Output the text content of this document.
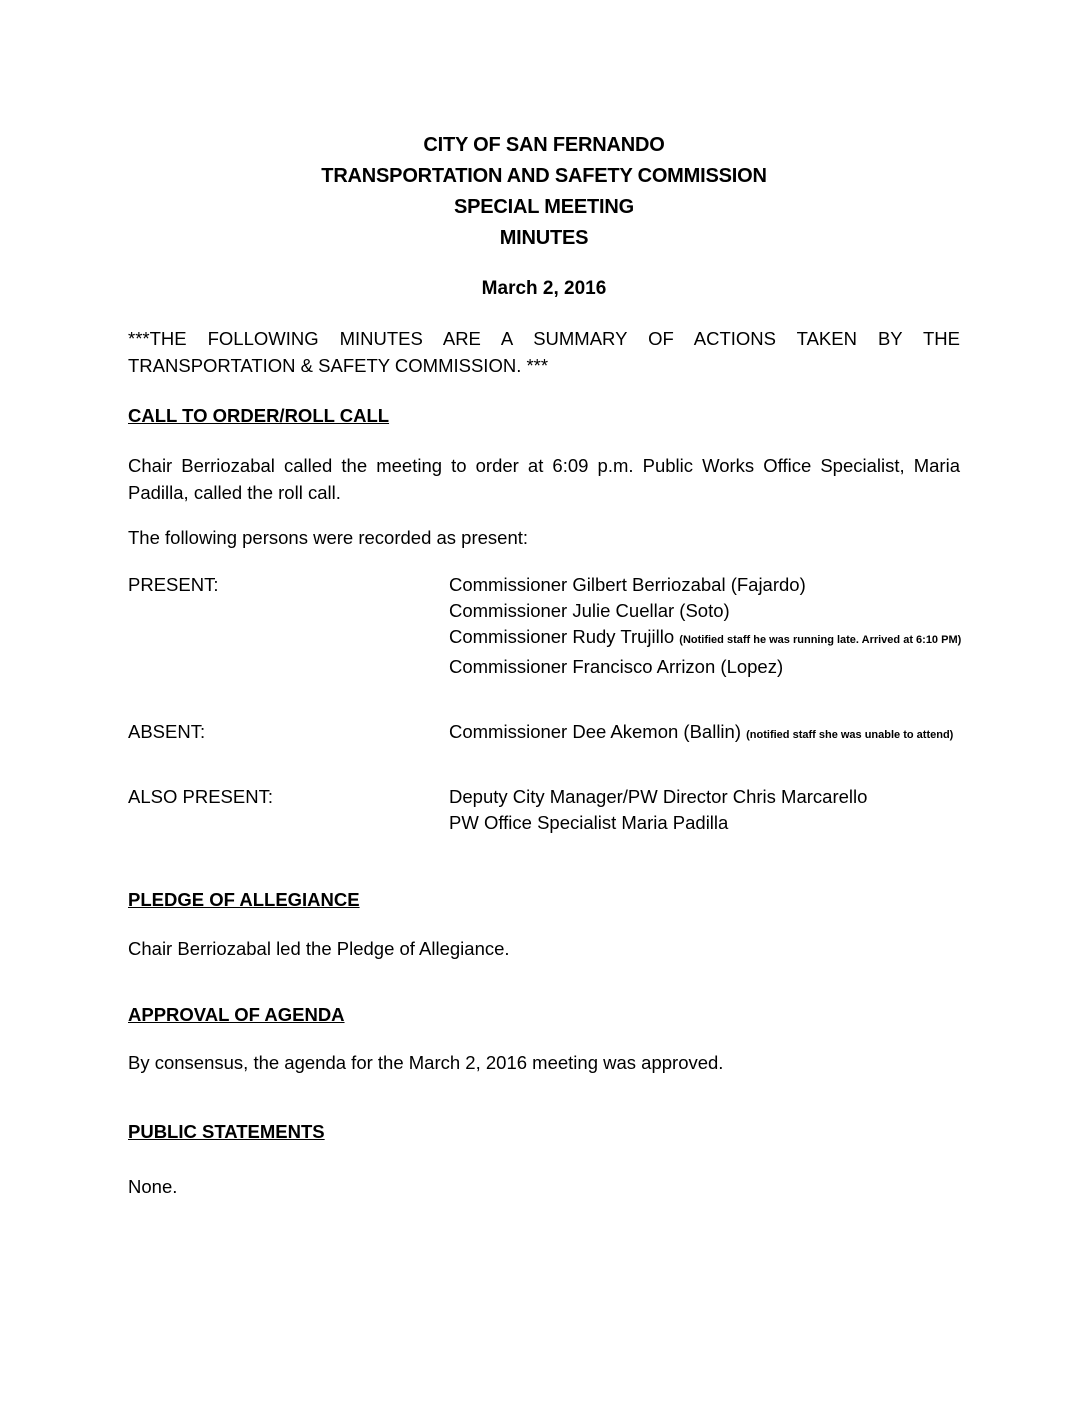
CITY OF SAN FERNANDO
TRANSPORTATION AND SAFETY COMMISSION
SPECIAL MEETING
MINUTES
March 2, 2016
***THE FOLLOWING MINUTES ARE A SUMMARY OF ACTIONS TAKEN BY THE TRANSPORTATION & SAFETY COMMISSION. ***
CALL TO ORDER/ROLL CALL
Chair Berriozabal called the meeting to order at 6:09 p.m. Public Works Office Specialist, Maria Padilla, called the roll call.
The following persons were recorded as present:
PRESENT:	Commissioner Gilbert Berriozabal (Fajardo)
Commissioner Julie Cuellar (Soto)
Commissioner Rudy Trujillo (Notified staff he was running late. Arrived at 6:10 PM)
Commissioner Francisco Arrizon (Lopez)
ABSENT:	Commissioner Dee Akemon (Ballin) (notified staff she was unable to attend)
ALSO PRESENT:	Deputy City Manager/PW Director Chris Marcarello
PW Office Specialist Maria Padilla
PLEDGE OF ALLEGIANCE
Chair Berriozabal led the Pledge of Allegiance.
APPROVAL OF AGENDA
By consensus, the agenda for the March 2, 2016 meeting was approved.
PUBLIC STATEMENTS
None.
